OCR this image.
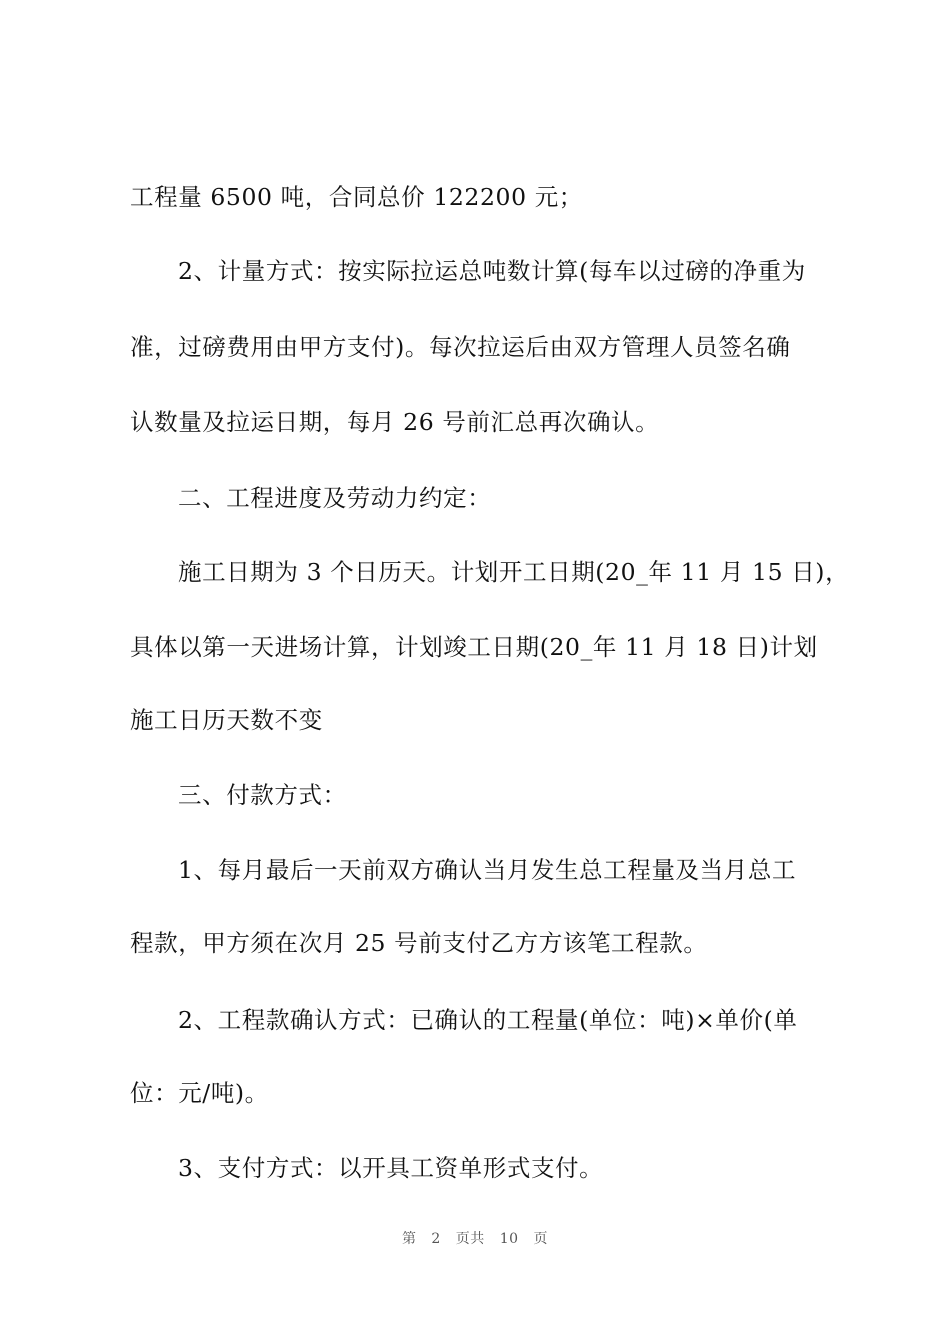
工程量 6500 吨，合同总价 122200 元；
2、计量方式：按实际拉运总吨数计算(每车以过磅的净重为
准，过磅费用由甲方支付)。每次拉运后由双方管理人员签名确
认数量及拉运日期，每月 26 号前汇总再次确认。
二、工程进度及劳动力约定：
施工日期为 3 个日历天。计划开工日期(20_年 11 月 15 日)，
具体以第一天进场计算，计划竣工日期(20_年 11 月 18 日)计划
施工日历天数不变
三、付款方式：
1、每月最后一天前双方确认当月发生总工程量及当月总工
程款，甲方须在次月 25 号前支付乙方方该笔工程款。
2、工程款确认方式：已确认的工程量(单位：吨)×单价(单
位：元/吨)。
3、支付方式：以开具工资单形式支付。
第 2 页共 10 页
